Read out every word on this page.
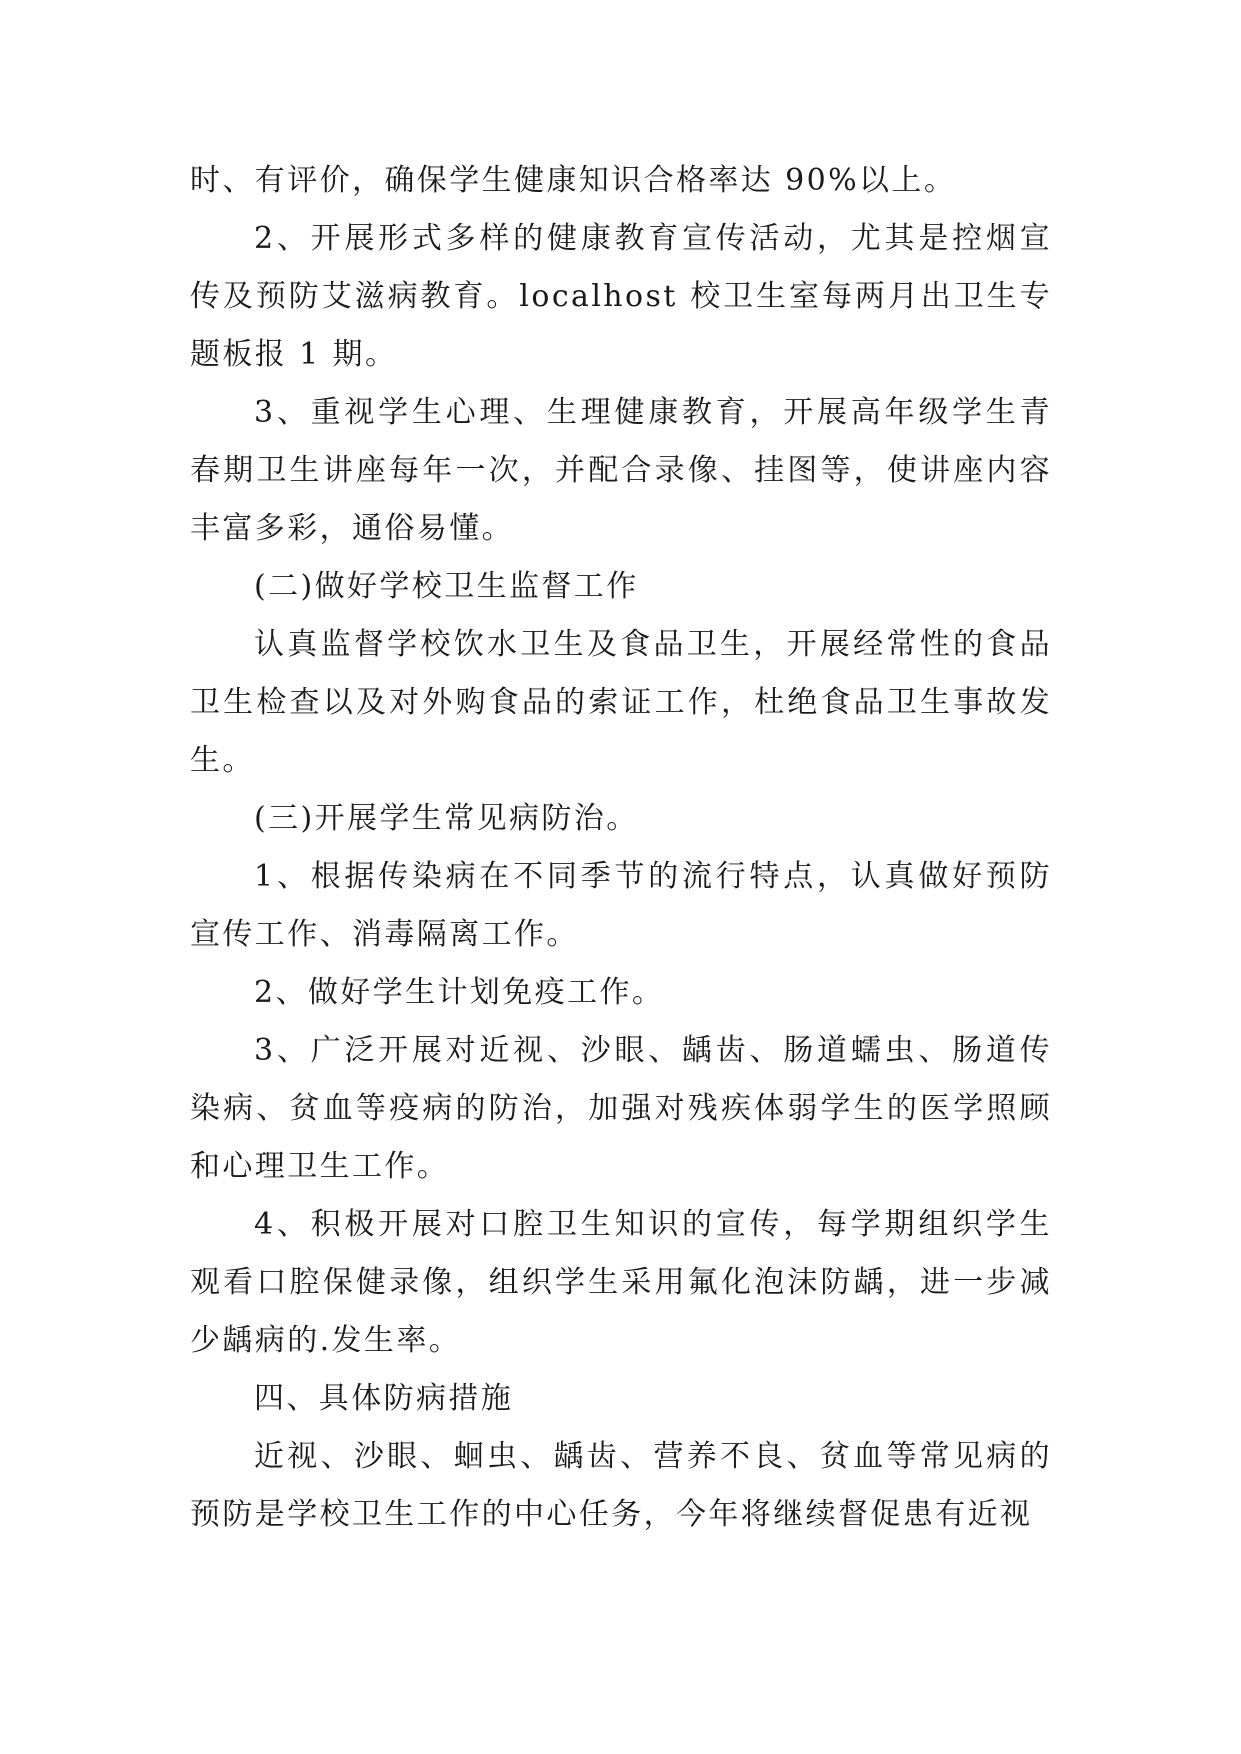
时、有评价，确保学生健康知识合格率达 90%以上。

2、开展形式多样的健康教育宣传活动，尤其是控烟宣传及预防艾滋病教育。localhost 校卫生室每两月出卫生专题板报 1 期。

3、重视学生心理、生理健康教育，开展高年级学生青春期卫生讲座每年一次，并配合录像、挂图等，使讲座内容丰富多彩，通俗易懂。

(二)做好学校卫生监督工作

认真监督学校饮水卫生及食品卫生，开展经常性的食品卫生检查以及对外购食品的索证工作，杜绝食品卫生事故发生。

(三)开展学生常见病防治。

1、根据传染病在不同季节的流行特点，认真做好预防宣传工作、消毒隔离工作。

2、做好学生计划免疫工作。

3、广泛开展对近视、沙眼、龋齿、肠道蠕虫、肠道传染病、贫血等疫病的防治，加强对残疾体弱学生的医学照顾和心理卫生工作。

4、积极开展对口腔卫生知识的宣传，每学期组织学生观看口腔保健录像，组织学生采用氟化泡沫防龋，进一步减少龋病的.发生率。

四、具体防病措施

近视、沙眼、蛔虫、龋齿、营养不良、贫血等常见病的预防是学校卫生工作的中心任务，今年将继续督促患有近视
